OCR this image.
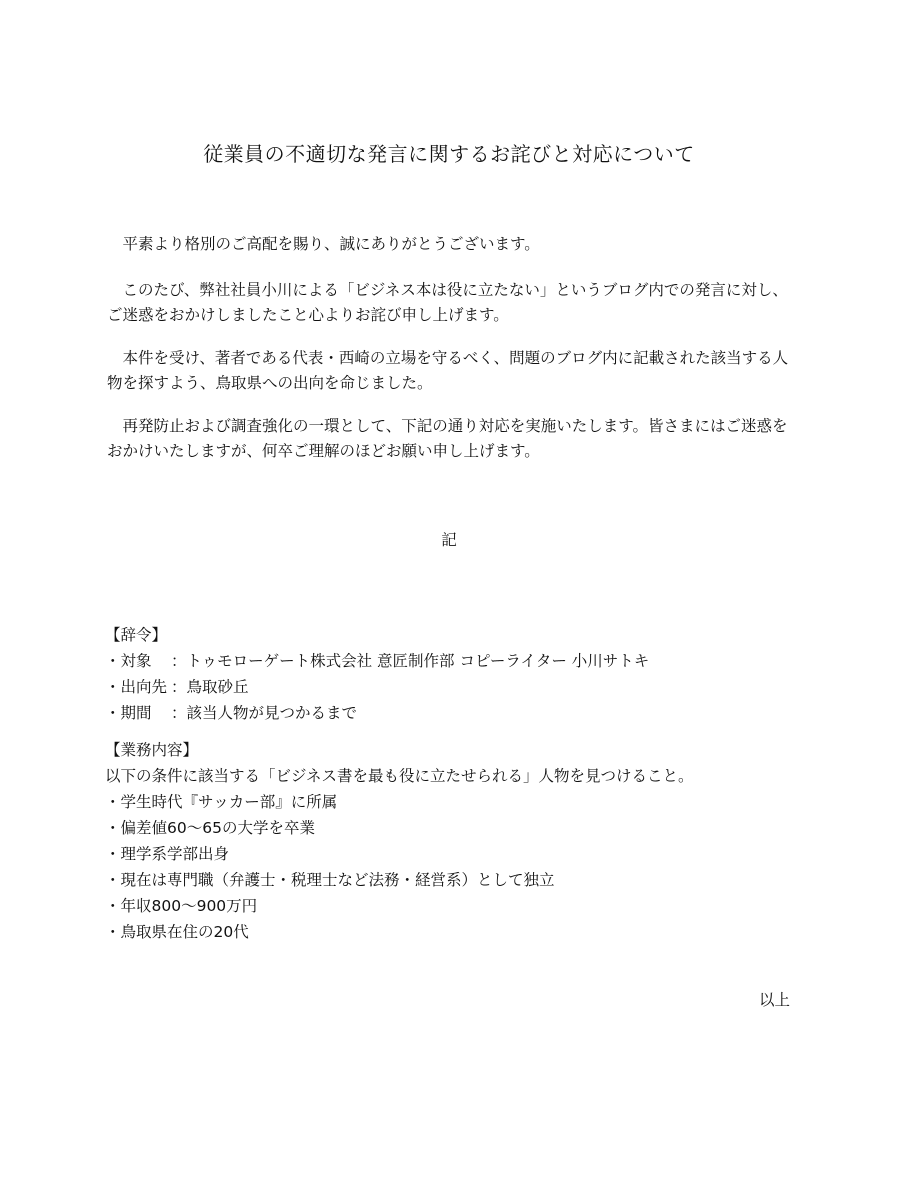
従業員の不適切な発言に関するお詫びと対応について

　平素より格別のご高配を賜り、誠にありがとうございます。

　このたび、弊社社員小川による「ビジネス本は役に立たない」というブログ内での発言に対し、ご迷惑をおかけしましたこと心よりお詫び申し上げます。

　本件を受け、著者である代表・西崎の立場を守るべく、問題のブログ内に記載された該当する人物を探すよう、鳥取県への出向を命じました。

　再発防止および調査強化の一環として、下記の通り対応を実施いたします。皆さまにはご迷惑をおかけいたしますが、何卒ご理解のほどお願い申し上げます。

記
【辞令】
・対象 ：トゥモローゲート株式会社 意匠制作部 コピーライター 小川サトキ
・出向先 ：鳥取砂丘
・期間 ：該当人物が見つかるまで
【業務内容】
以下の条件に該当する「ビジネス書を最も役に立たせられる」人物を見つけること。
・学生時代『サッカー部』に所属
・偏差値60〜65の大学を卒業
・理学系学部出身
・現在は専門職（弁護士・税理士など法務・経営系）として独立
・年収800〜900万円
・鳥取県在住の20代
以上
